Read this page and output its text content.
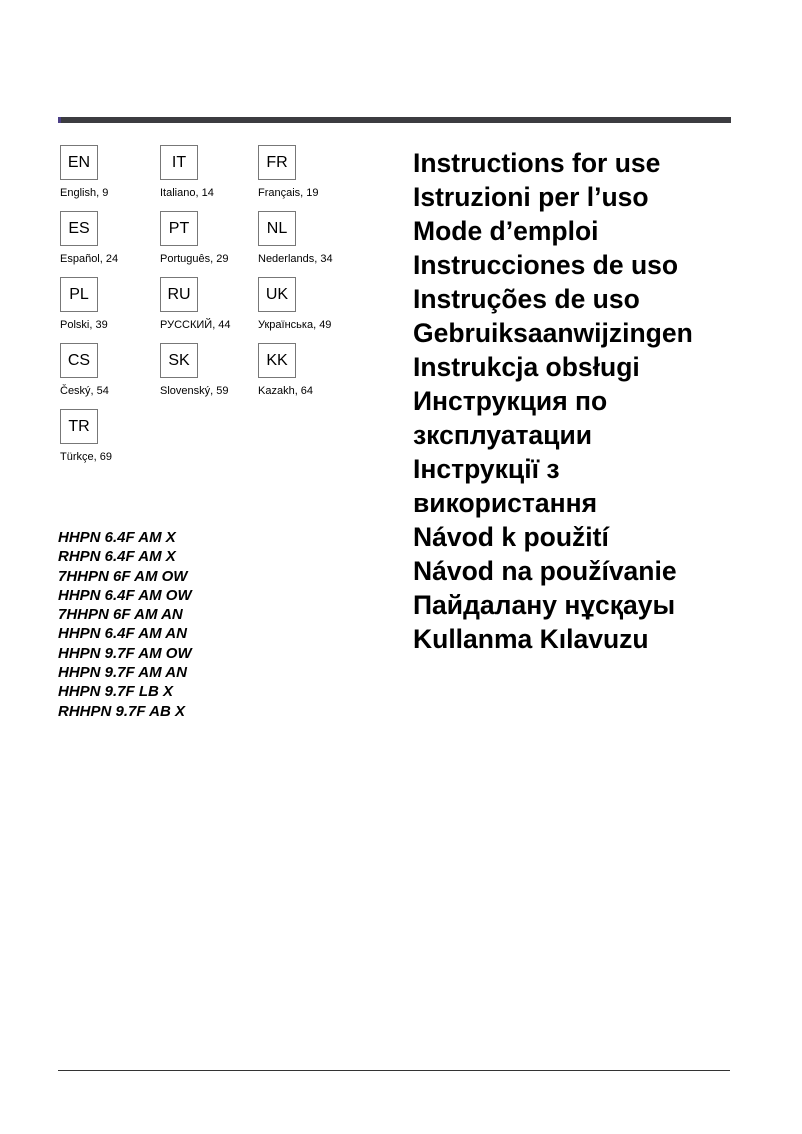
EN
English, 9
IT
Italiano, 14
FR
Français, 19
ES
Español, 24
PT
Português, 29
NL
Nederlands, 34
PL
Polski, 39
RU
РУССКИЙ, 44
UK
Українська, 49
CS
Český, 54
SK
Slovenský, 59
KK
Kazakh, 64
TR
Türkçe, 69
HHPN 6.4F AM X
RHPN 6.4F AM X
7HHPN 6F AM OW
HHPN 6.4F AM OW
7HHPN 6F AM AN
HHPN 6.4F AM AN
HHPN 9.7F AM OW
HHPN 9.7F AM AN
HHPN 9.7F LB X
RHHPN 9.7F AB X
Instructions for use
Istruzioni per l’uso
Mode d’emploi
Instrucciones de uso
Instruções de uso
Gebruiksaanwijzingen
Instrukcja obsługi
Инструкция по
зксплуатации
Інструкції з
використання
Návod k použití
Návod na používanie
Пайдалану нұсқауы
Kullanma Kılavuzu
